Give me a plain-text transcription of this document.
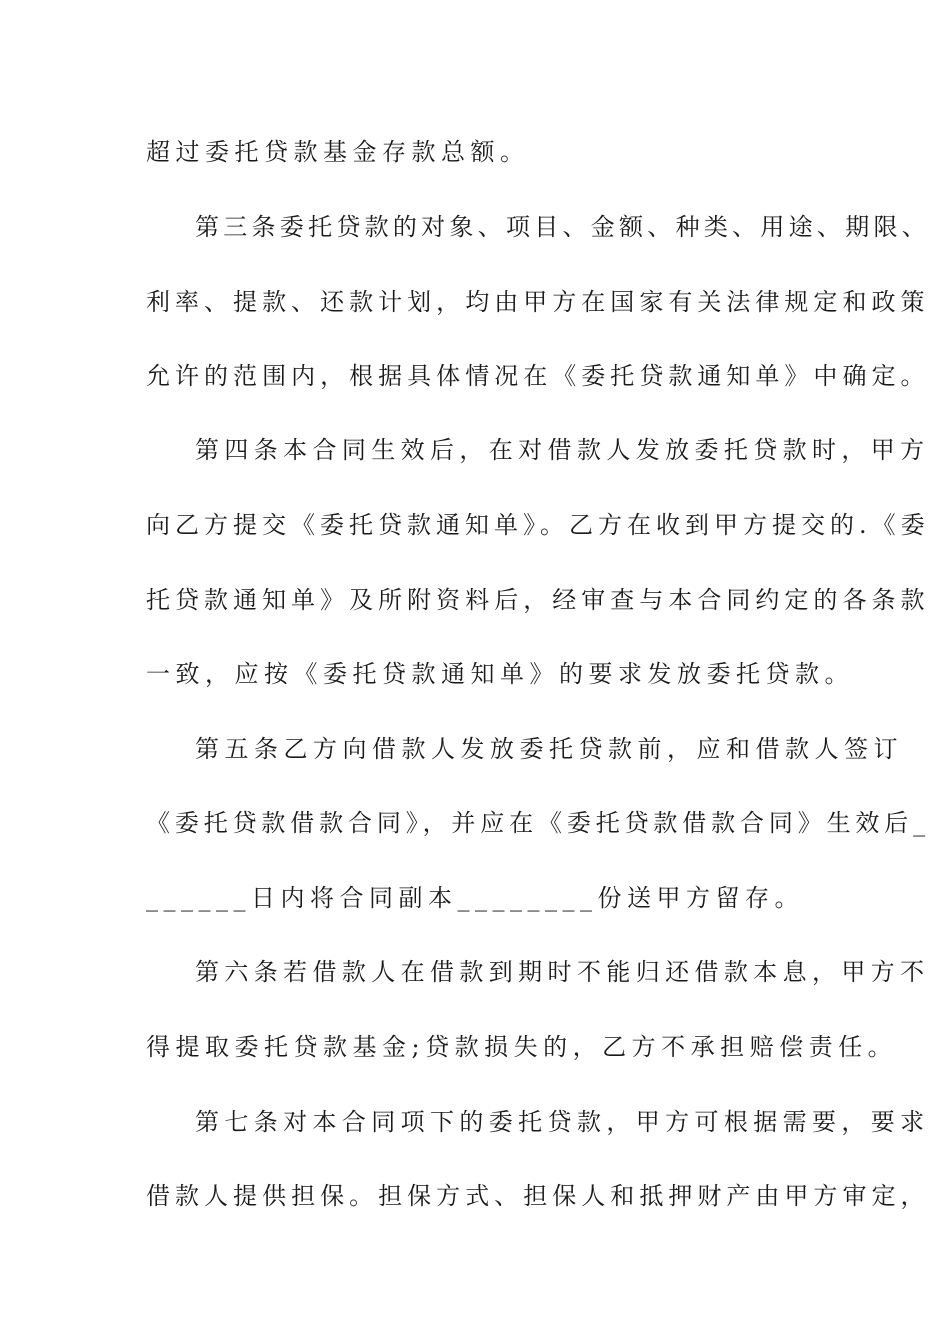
超过委托贷款基金存款总额。
第三条委托贷款的对象、项目、金额、种类、用途、期限、
利率、提款、还款计划，均由甲方在国家有关法律规定和政策
允许的范围内，根据具体情况在《委托贷款通知单》中确定。
第四条本合同生效后，在对借款人发放委托贷款时，甲方
向乙方提交《委托贷款通知单》。乙方在收到甲方提交的.《委
托贷款通知单》及所附资料后，经审查与本合同约定的各条款
一致，应按《委托贷款通知单》的要求发放委托贷款。
第五条乙方向借款人发放委托贷款前，应和借款人签订
《委托贷款借款合同》，并应在《委托贷款借款合同》生效后_
______日内将合同副本________份送甲方留存。
第六条若借款人在借款到期时不能归还借款本息，甲方不
得提取委托贷款基金;贷款损失的，乙方不承担赔偿责任。
第七条对本合同项下的委托贷款，甲方可根据需要，要求
借款人提供担保。担保方式、担保人和抵押财产由甲方审定，
